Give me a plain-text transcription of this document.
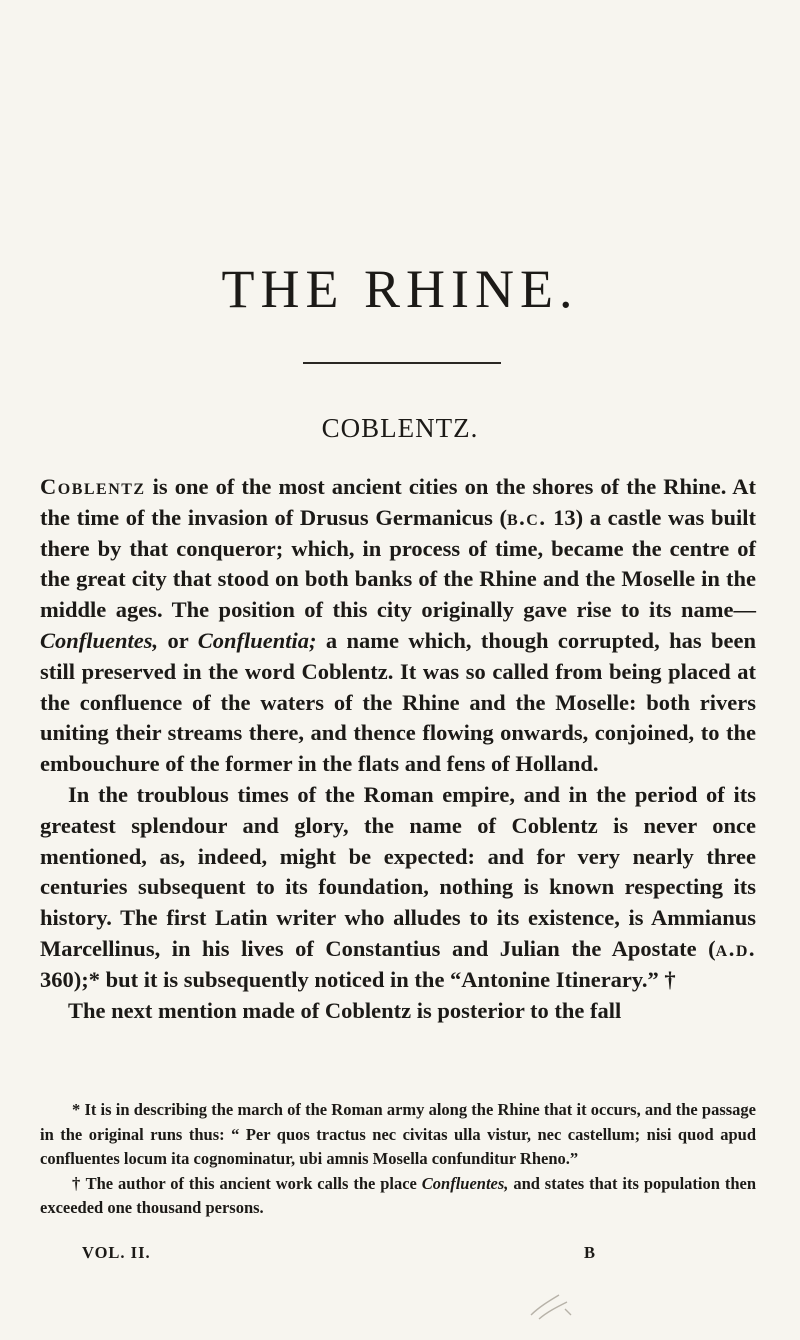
THE RHINE.
COBLENTZ.

Coblentz is one of the most ancient cities on the shores of the Rhine. At the time of the invasion of Drusus Germanicus (b.c. 13) a castle was built there by that conqueror; which, in process of time, became the centre of the great city that stood on both banks of the Rhine and the Moselle in the middle ages. The position of this city originally gave rise to its name—Confluentes, or Confluentia; a name which, though corrupted, has been still preserved in the word Coblentz. It was so called from being placed at the confluence of the waters of the Rhine and the Moselle: both rivers uniting their streams there, and thence flowing onwards, conjoined, to the embouchure of the former in the flats and fens of Holland.

In the troublous times of the Roman empire, and in the period of its greatest splendour and glory, the name of Coblentz is never once mentioned, as, indeed, might be expected: and for very nearly three centuries subsequent to its foundation, nothing is known respecting its history. The first Latin writer who alludes to its existence, is Ammianus Marcellinus, in his lives of Constantius and Julian the Apostate (a.d. 360);* but it is subsequently noticed in the “Antonine Itinerary.” †

The next mention made of Coblentz is posterior to the fall

* It is in describing the march of the Roman army along the Rhine that it occurs, and the passage in the original runs thus: “ Per quos tractus nec civitas ulla vistur, nec castellum; nisi quod apud confluentes locum ita cognominatur, ubi amnis Mosella confunditur Rheno.”

† The author of this ancient work calls the place Confluentes, and states that its population then exceeded one thousand persons.

VOL. II.	B
